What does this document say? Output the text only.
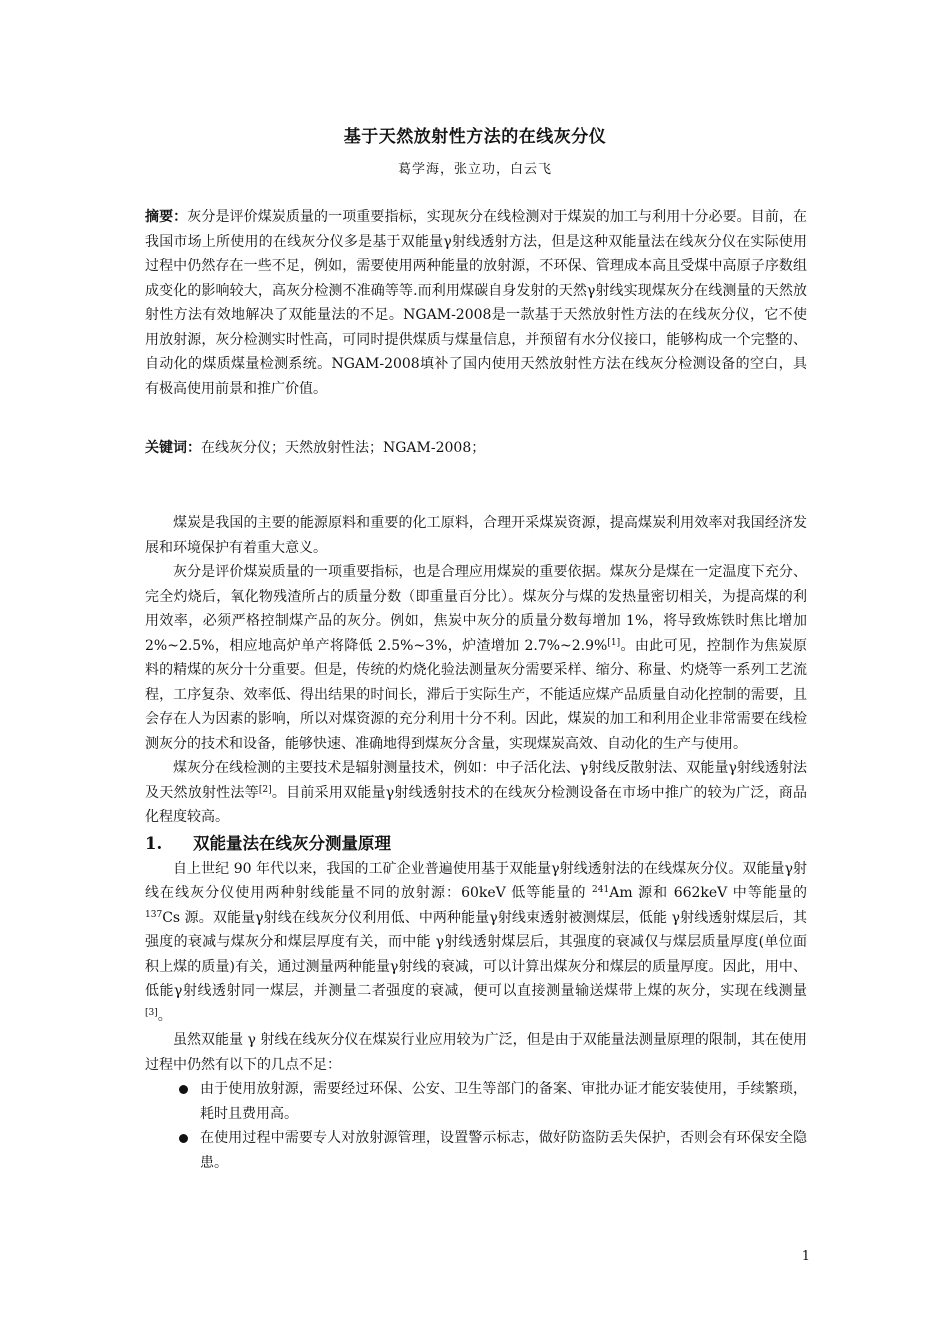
基于天然放射性方法的在线灰分仪
葛学海，张立功，白云飞

摘要：灰分是评价煤炭质量的一项重要指标，实现灰分在线检测对于煤炭的加工与利用十分必要。目前，在我国市场上所使用的在线灰分仪多是基于双能量γ射线透射方法，但是这种双能量法在线灰分仪在实际使用过程中仍然存在一些不足，例如，需要使用两种能量的放射源，不环保、管理成本高且受煤中高原子序数组成变化的影响较大，高灰分检测不准确等等.而利用煤碳自身发射的天然γ射线实现煤灰分在线测量的天然放射性方法有效地解决了双能量法的不足。NGAM-2008是一款基于天然放射性方法的在线灰分仪，它不使用放射源，灰分检测实时性高，可同时提供煤质与煤量信息，并预留有水分仪接口，能够构成一个完整的、自动化的煤质煤量检测系统。NGAM-2008填补了国内使用天然放射性方法在线灰分检测设备的空白，具有极高使用前景和推广价值。

关键词：在线灰分仪；天然放射性法；NGAM-2008；

煤炭是我国的主要的能源原料和重要的化工原料，合理开采煤炭资源，提高煤炭利用效率对我国经济发展和环境保护有着重大意义。

灰分是评价煤炭质量的一项重要指标，也是合理应用煤炭的重要依据。煤灰分是煤在一定温度下充分、完全灼烧后，氧化物残渣所占的质量分数（即重量百分比）。煤灰分与煤的发热量密切相关，为提高煤的利用效率，必须严格控制煤产品的灰分。例如，焦炭中灰分的质量分数每增加 1%，将导致炼铁时焦比增加 2%~2.5%，相应地高炉单产将降低 2.5%~3%，炉渣增加 2.7%~2.9%[1]。由此可见，控制作为焦炭原料的精煤的灰分十分重要。但是，传统的灼烧化验法测量灰分需要采样、缩分、称量、灼烧等一系列工艺流程，工序复杂、效率低、得出结果的时间长，滞后于实际生产，不能适应煤产品质量自动化控制的需要，且会存在人为因素的影响，所以对煤资源的充分利用十分不利。因此，煤炭的加工和利用企业非常需要在线检测灰分的技术和设备，能够快速、准确地得到煤灰分含量，实现煤炭高效、自动化的生产与使用。

煤灰分在线检测的主要技术是辐射测量技术，例如：中子活化法、γ射线反散射法、双能量γ射线透射法及天然放射性法等[2]。目前采用双能量γ射线透射技术的在线灰分检测设备在市场中推广的较为广泛，商品化程度较高。

1. 双能量法在线灰分测量原理

自上世纪 90 年代以来，我国的工矿企业普遍使用基于双能量γ射线透射法的在线煤灰分仪。双能量γ射线在线灰分仪使用两种射线能量不同的放射源：60keV 低等能量的 $^{241}$Am 源和 662keV 中等能量的 $^{137}$Cs 源。双能量γ射线在线灰分仪利用低、中两种能量γ射线束透射被测煤层，低能 γ射线透射煤层后，其强度的衰减与煤灰分和煤层厚度有关，而中能 γ射线透射煤层后，其强度的衰减仅与煤层质量厚度(单位面积上煤的质量)有关，通过测量两种能量γ射线的衰减，可以计算出煤灰分和煤层的质量厚度。因此，用中、低能γ射线透射同一煤层，并测量二者强度的衰减，便可以直接测量输送煤带上煤的灰分，实现在线测量[3]。

虽然双能量 γ 射线在线灰分仪在煤炭行业应用较为广泛，但是由于双能量法测量原理的限制，其在使用过程中仍然有以下的几点不足：

由于使用放射源，需要经过环保、公安、卫生等部门的备案、审批办证才能安装使用，手续繁琐，耗时且费用高。
在使用过程中需要专人对放射源管理，设置警示标志，做好防盗防丢失保护，否则会有环保安全隐患。
1
